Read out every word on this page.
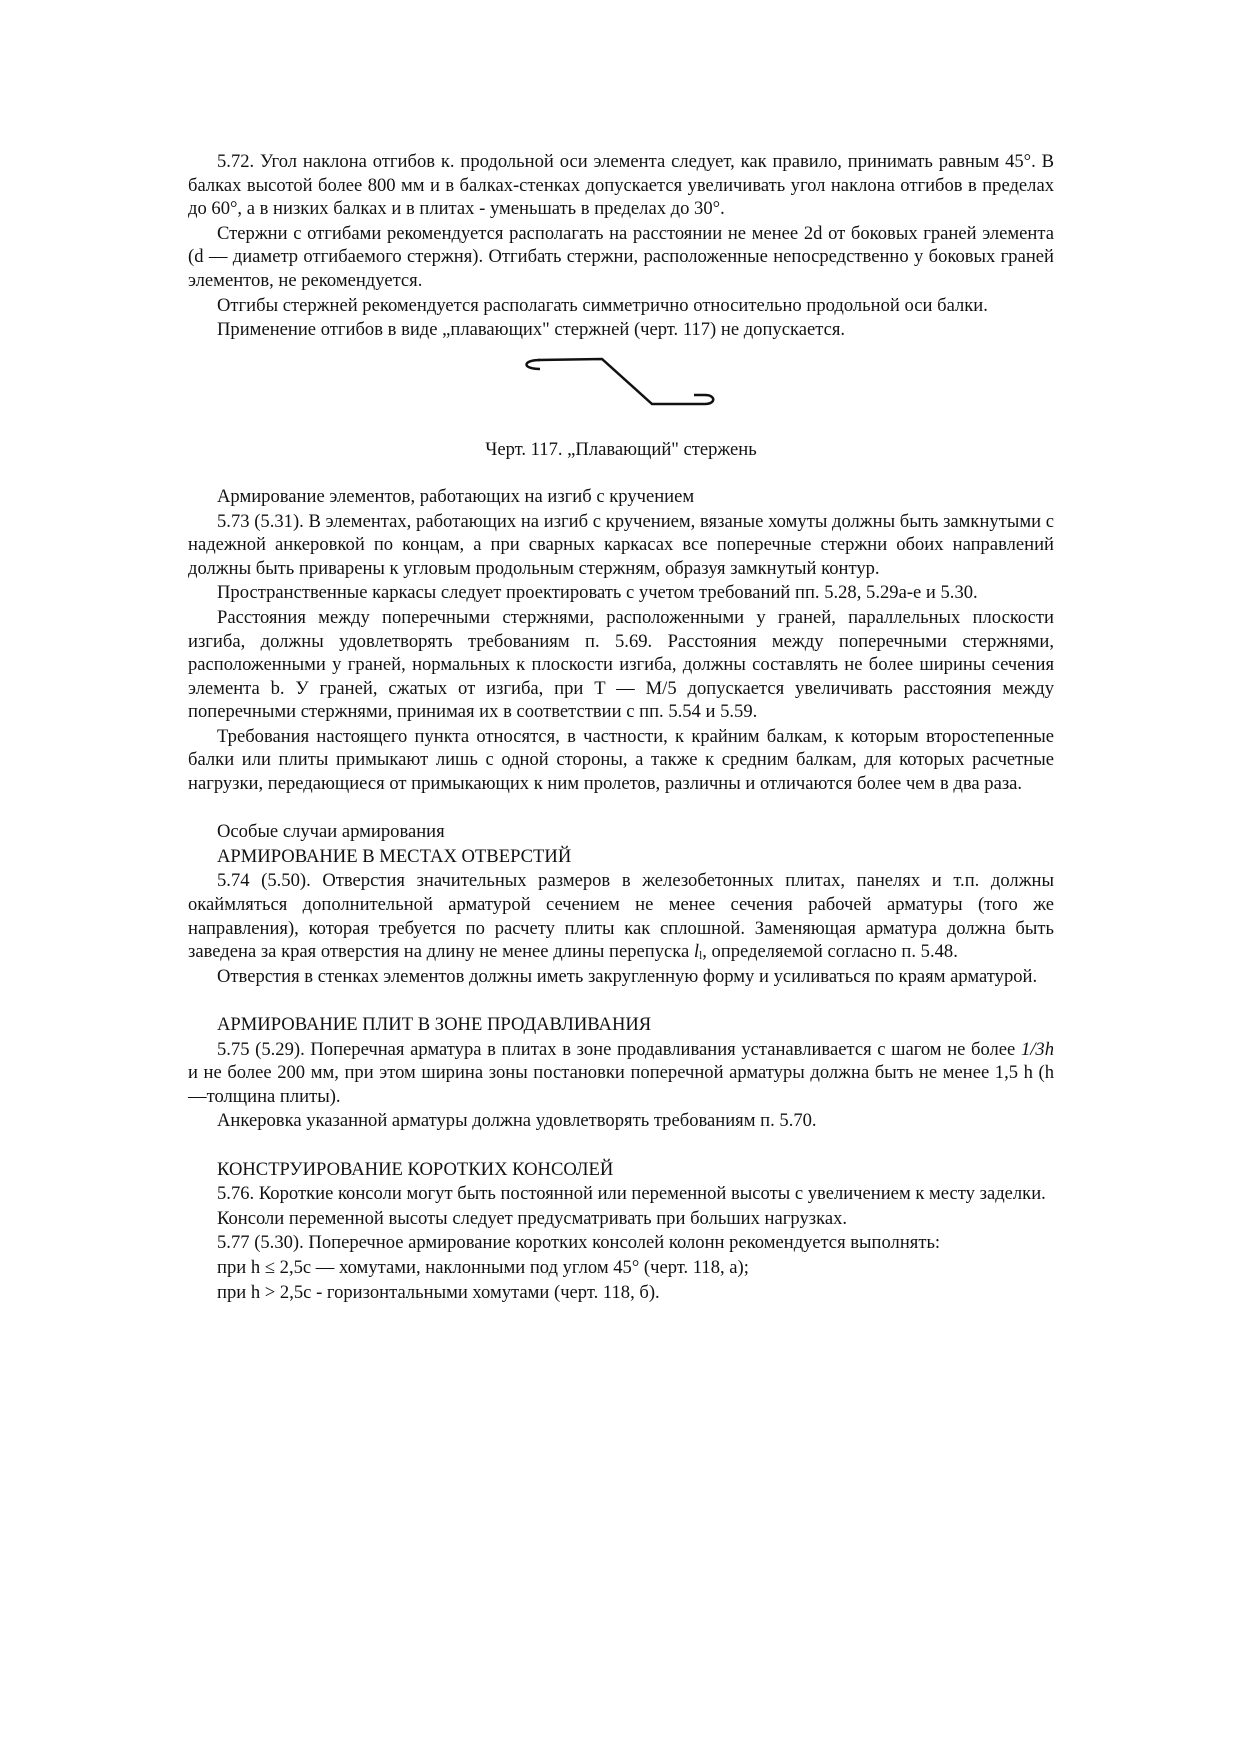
5.72. Угол наклона отгибов к. продольной оси элемента следует, как правило, принимать равным 45°. В балках высотой более 800 мм и в балках-стенках допускается увеличивать угол наклона отгибов в пределах до 60°, а в низких балках и в плитах - уменьшать в пределах до 30°.

Стержни с отгибами рекомендуется располагать на расстоянии не менее 2d от боковых граней элемента (d — диаметр отгибаемого стержня). Отгибать стержни, расположенные непосредственно у боковых граней элементов, не рекомендуется.

Отгибы стержней рекомендуется располагать симметрично относительно продольной оси балки.

Применение отгибов в виде „плавающих" стержней (черт. 117) не допускается.

Черт. 117. „Плавающий" стержень

Армирование элементов, работающих на изгиб с кручением

5.73 (5.31). В элементах, работающих на изгиб с кручением, вязаные хомуты должны быть замкнутыми с надежной анкеровкой по концам, а при сварных каркасах все поперечные стержни обоих направлений должны быть приварены к угловым продольным стержням, образуя замкнутый контур.

Пространственные каркасы следует проектировать с учетом требований пп. 5.28, 5.29а-е и 5.30.

Расстояния между поперечными стержнями, расположенными у граней, параллельных плоскости изгиба, должны удовлетворять требованиям п. 5.69. Расстояния между поперечными стержнями, расположенными у граней, нормальных к плоскости изгиба, должны составлять не более ширины сечения элемента b. У граней, сжатых от изгиба, при T — M/5 допускается увеличивать расстояния между поперечными стержнями, принимая их в соответствии с пп. 5.54 и 5.59.

Требования настоящего пункта относятся, в частности, к крайним балкам, к которым второстепенные балки или плиты примыкают лишь с одной стороны, а также к средним балкам, для которых расчетные нагрузки, передающиеся от примыкающих к ним пролетов, различны и отличаются более чем в два раза.

Особые случаи армирования

АРМИРОВАНИЕ В МЕСТАХ ОТВЕРСТИЙ

5.74 (5.50). Отверстия значительных размеров в железобетонных плитах, панелях и т.п. должны окаймляться дополнительной арматурой сечением не менее сечения рабочей арматуры (того же направления), которая требуется по расчету плиты как сплошной. Заменяющая арматура должна быть заведена за края отверстия на длину не менее длины перепуска $l_l$, определяемой согласно п. 5.48.

Отверстия в стенках элементов должны иметь закругленную форму и усиливаться по краям арматурой.

АРМИРОВАНИЕ ПЛИТ В ЗОНЕ ПРОДАВЛИВАНИЯ

5.75 (5.29). Поперечная арматура в плитах в зоне продавливания устанавливается с шагом не более 1/3h и не более 200 мм, при этом ширина зоны постановки поперечной арматуры должна быть не менее 1,5 h (h —толщина плиты).

Анкеровка указанной арматуры должна удовлетворять требованиям п. 5.70.

КОНСТРУИРОВАНИЕ КОРОТКИХ КОНСОЛЕЙ

5.76. Короткие консоли могут быть постоянной или переменной высоты с увеличением к месту заделки.

Консоли переменной высоты следует предусматривать при больших нагрузках.

5.77 (5.30). Поперечное армирование коротких консолей колонн рекомендуется выполнять:

при h ≤ 2,5с — хомутами, наклонными под углом 45° (черт. 118, а);

при h > 2,5с - горизонтальными хомутами (черт. 118, б).
